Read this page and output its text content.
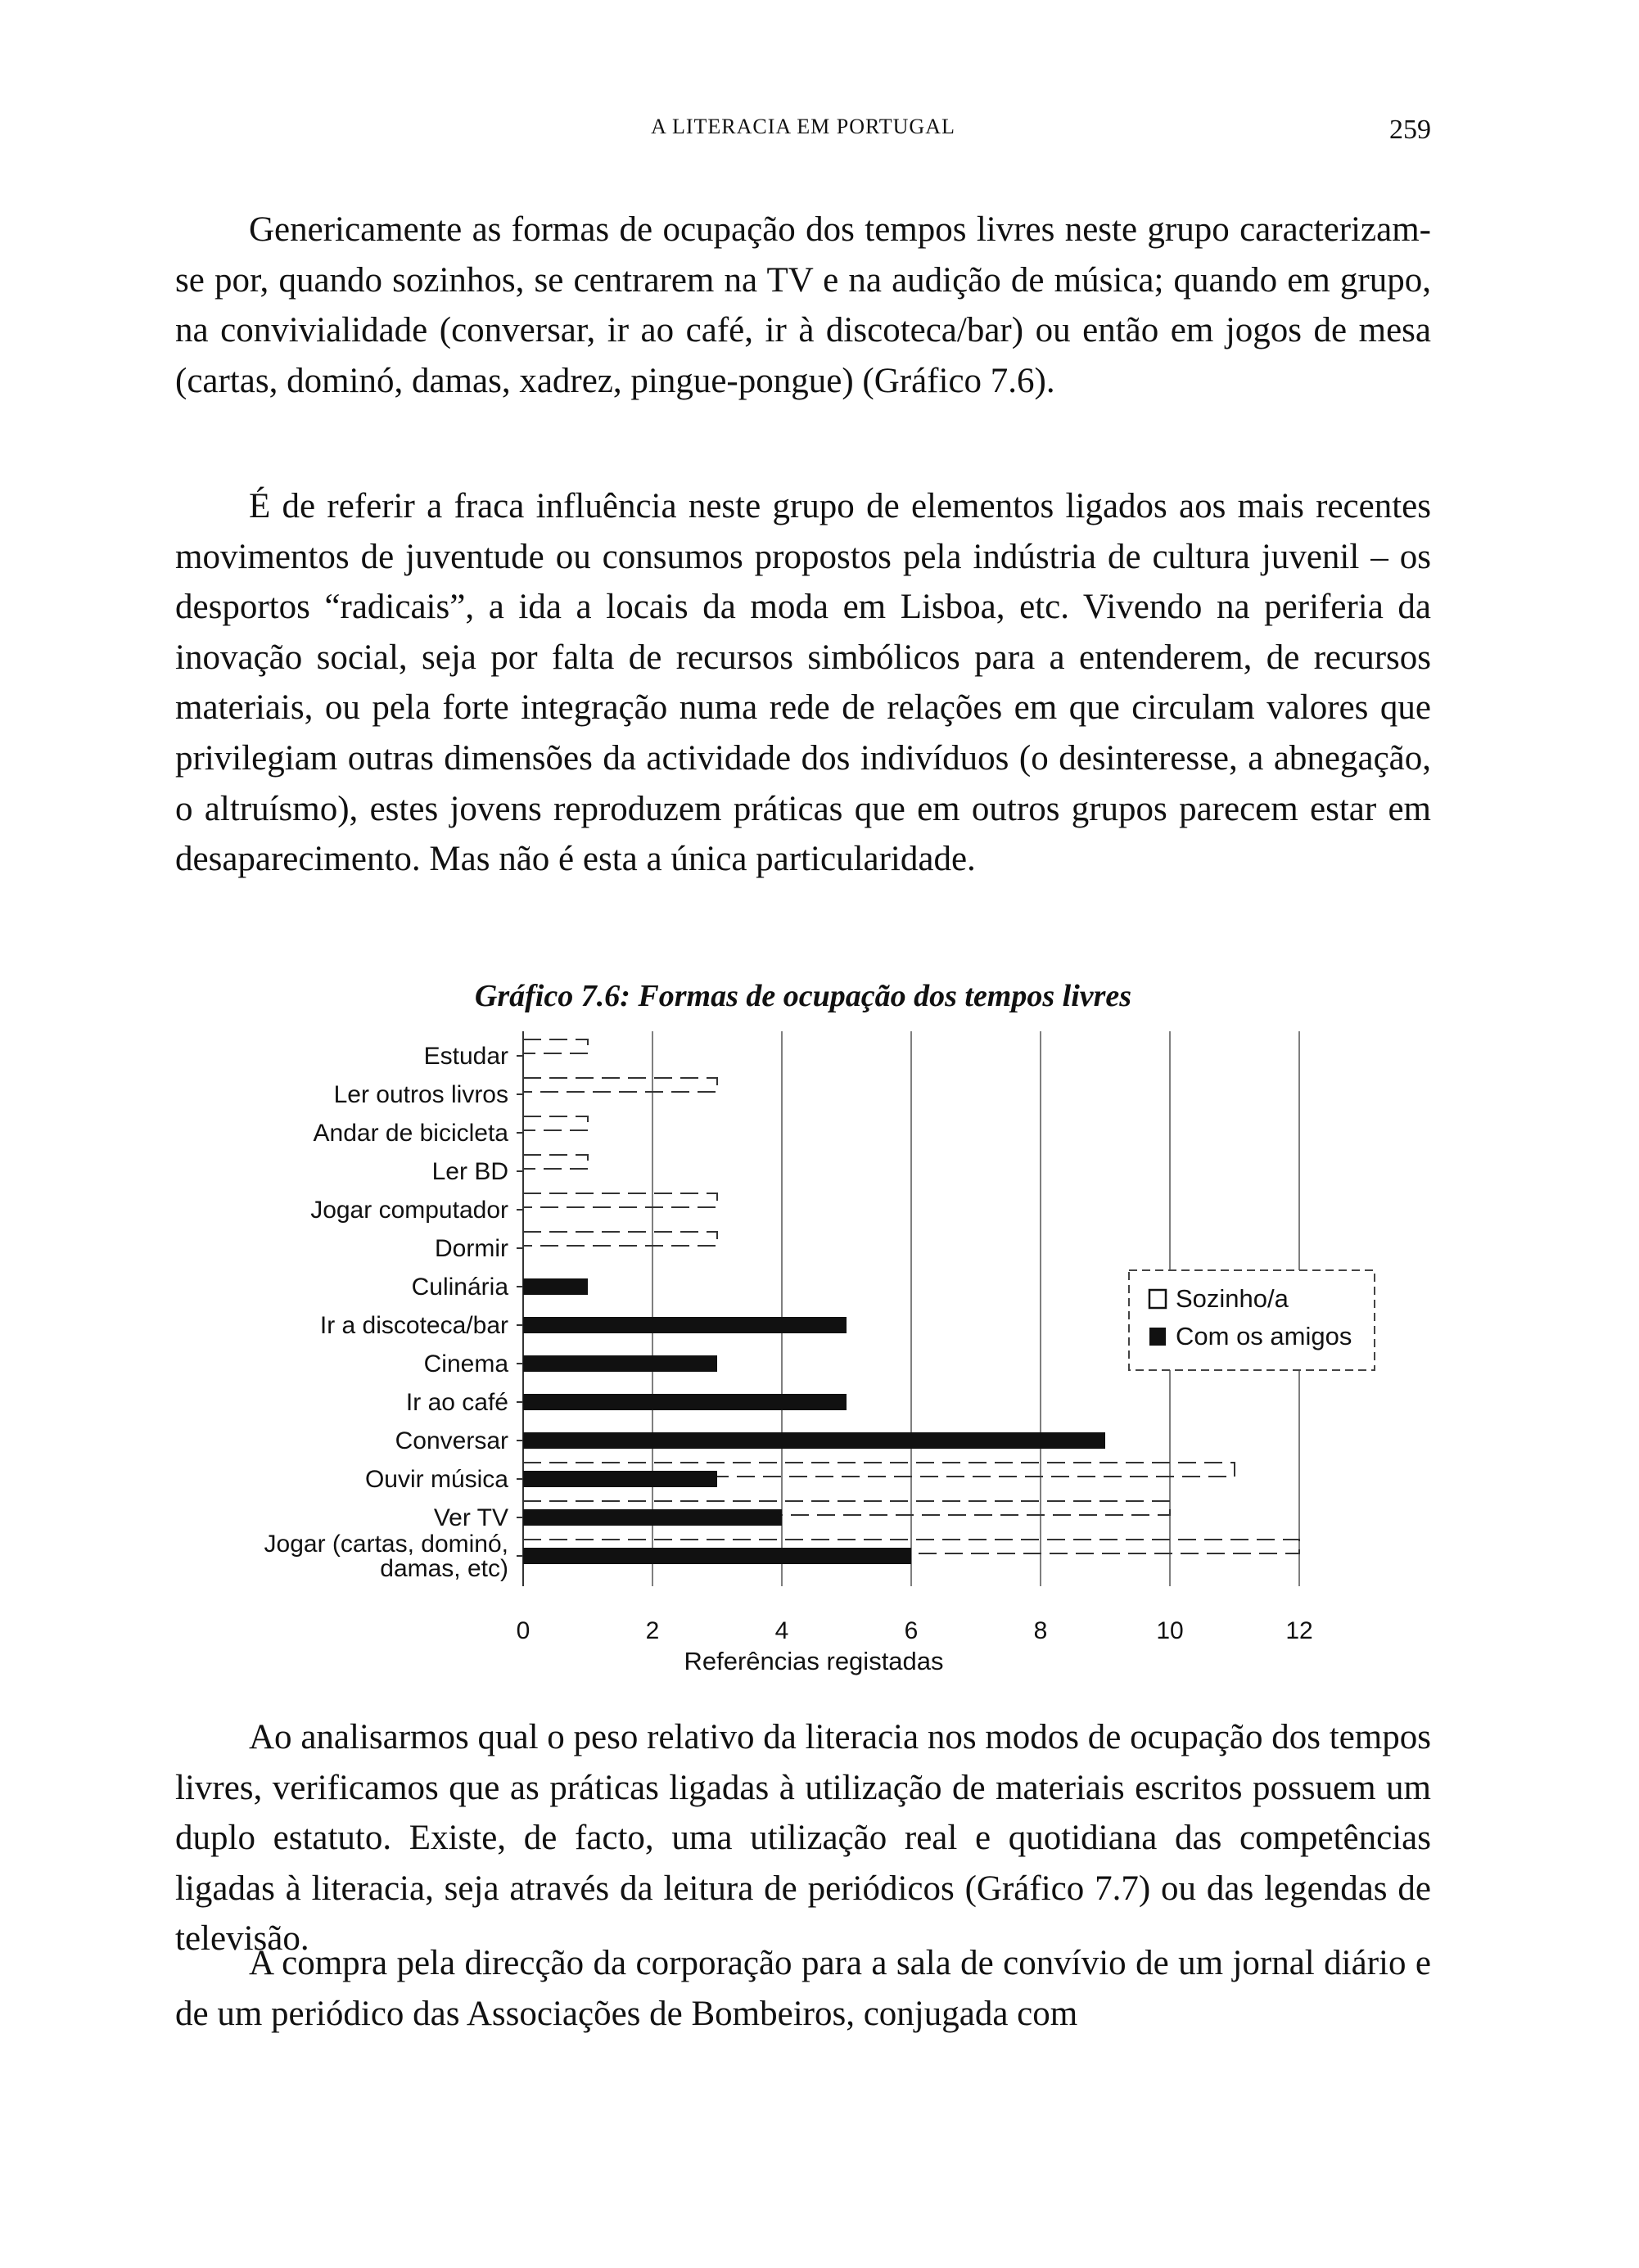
A LITERACIA EM PORTUGAL	259

Genericamente as formas de ocupação dos tempos livres neste grupo caracterizam-se por, quando sozinhos, se centrarem na TV e na audição de música; quando em grupo, na convivialidade (conversar, ir ao café, ir à discoteca/bar) ou então em jogos de mesa (cartas, dominó, damas, xadrez, pingue-pongue) (Gráfico 7.6).

É de referir a fraca influência neste grupo de elementos ligados aos mais recentes movimentos de juventude ou consumos propostos pela indústria de cultura juvenil – os desportos “radicais”, a ida a locais da moda em Lisboa, etc. Vivendo na periferia da inovação social, seja por falta de recursos simbólicos para a entenderem, de recursos materiais, ou pela forte integração numa rede de relações em que circulam valores que privilegiam outras dimensões da actividade dos indivíduos (o desinteresse, a abnegação, o altruísmo), estes jovens reproduzem práticas que em outros grupos parecem estar em desaparecimento. Mas não é esta a única particularidade.

Gráfico 7.6: Formas de ocupação dos tempos livres
Estudar
Ler outros livros
Andar de bicicleta
Ler BD
Jogar computador
Dormir
Culinária
Ir a discoteca/bar
Cinema
Ir ao café
Conversar
Ouvir música
Ver TV
Jogar (cartas, dominó, damas, etc)
0	2	4	6	8	10	12
Referências registadas
Sozinho/a
Com os amigos

Ao analisarmos qual o peso relativo da literacia nos modos de ocupação dos tempos livres, verificamos que as práticas ligadas à utilização de materiais escritos possuem um duplo estatuto. Existe, de facto, uma utilização real e quotidiana das competências ligadas à literacia, seja através da leitura de periódicos (Gráfico 7.7) ou das legendas de televisão.

A compra pela direcção da corporação para a sala de convívio de um jornal diário e de um periódico das Associações de Bombeiros, conjugada com
